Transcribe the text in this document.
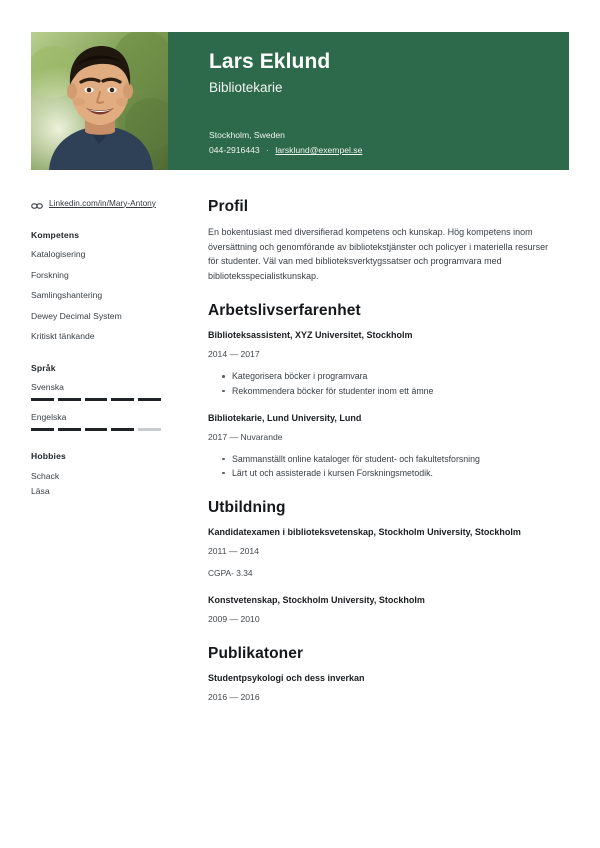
Lars Eklund

Bibliotekarie

Stockholm, Sweden
044-2916443 · larsklund@exempel.se
Linkedin.com/in/Mary-Antony

Kompetens

Katalogisering

Forskning

Samlingshantering

Dewey Decimal System

Kritiskt tänkande

Språk

Svenska

Engelska

Hobbies

Schack

Läsa

Profil

En bokentusiast med diversifierad kompetens och kunskap. Hög kompetens inom översättning och genomförande av bibliotekstjänster och policyer i materiella resurser för studenter. Väl van med biblioteksverktygssatser och programvara med biblioteksspecialistkunskap.

Arbetslivserfarenhet

Biblioteksassistent, XYZ Universitet, Stockholm

2014 — 2017

Kategorisera böcker i programvara
Rekommendera böcker för studenter inom ett ämne

Bibliotekarie, Lund University, Lund

2017 — Nuvarande

Sammanställt online kataloger för student- och fakultetsforsning
Lärt ut och assisterade i kursen Forskningsmetodik.
Utbildning

Kandidatexamen i biblioteksvetenskap, Stockholm University, Stockholm

2011 — 2014

CGPA- 3.34

Konstvetenskap, Stockholm University, Stockholm

2009 — 2010

Publikatoner

Studentpsykologi och dess inverkan

2016 — 2016
